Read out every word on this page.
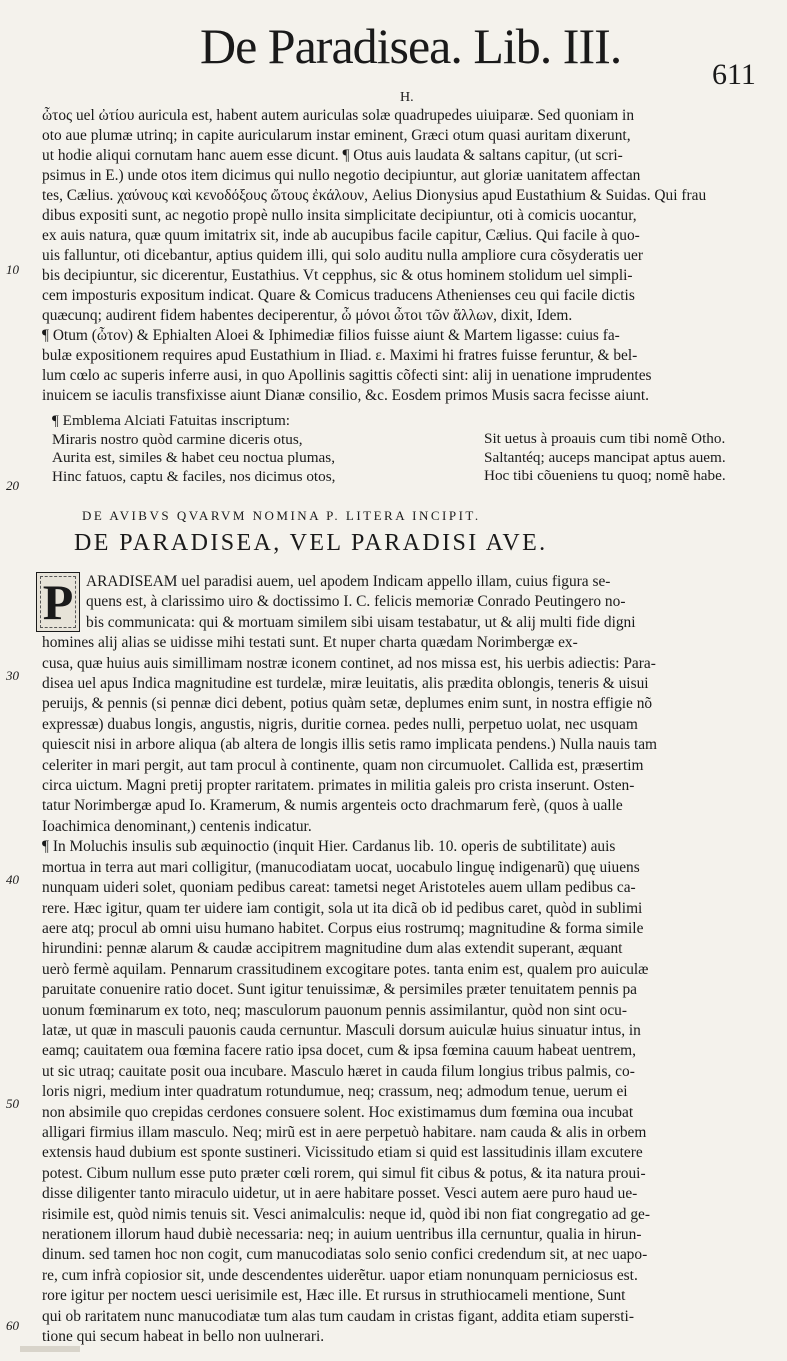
De Paradisea. Lib. III.
611
H.
ὦτος uel ὠτίου auricula est, habent autem auriculas solæ quadrupedes uiuiparæ. Sed quoniam in
oto aue plumæ utrinq; in capite auricularum instar eminent, Græci otum quasi auritam dixerunt,
ut hodie aliqui cornutam hanc auem esse dicunt. ¶ Otus auis laudata & saltans capitur, (ut scri-
psimus in E.) unde otos item dicimus qui nullo negotio decipiuntur, aut gloriæ uanitatem affectan
tes, Cælius. χαύνους καὶ κενοδόξους ὤτους ἐκάλουν, Aelius Dionysius apud Eustathium & Suidas. Qui frau
dibus expositi sunt, ac negotio propè nullo insita simplicitate decipiuntur, oti à comicis uocantur,
ex auis natura, quæ quum imitatrix sit, inde ab aucupibus facile capitur, Cælius. Qui facile à quo-
uis falluntur, oti dicebantur, aptius quidem illi, qui solo auditu nulla ampliore cura cõsyderatis uer
bis decipiuntur, sic dicerentur, Eustathius. Vt cepphus, sic & otus hominem stolidum uel simpli-
cem imposturis expositum indicat. Quare & Comicus traducens Athenienses ceu qui facile dictis
quæcunq; audirent fidem habentes deciperentur, ὦ μόνοι ὦτοι τῶν ἄλλων, dixit, Idem.
¶ Otum (ὦτον) & Ephialten Aloei & Iphimediæ filios fuisse aiunt & Martem ligasse: cuius fa-
bulæ expositionem requires apud Eustathium in Iliad. ε. Maximi hi fratres fuisse feruntur, & bel-
lum cœlo ac superis inferre ausi, in quo Apollinis sagittis cõfecti sint: alij in uenatione imprudentes
inuicem se iaculis transfixisse aiunt Dianæ consilio, &c. Eosdem primos Musis sacra fecisse aiunt.
¶ Emblema Alciati Fatuitas inscriptum:
Miraris nostro quòd carmine diceris otus,
Aurita est, similes & habet ceu noctua plumas,
Hinc fatuos, captu & faciles, nos dicimus otos,
Sit uetus à proauis cum tibi nomẽ Otho.
Saltantéq; auceps mancipat aptus auem.
Hoc tibi cõueniens tu quoq; nomẽ habe.
DE AVIBVS QVARVM NOMINA P. LITERA INCIPIT.
DE PARADISEA, VEL PARADISI AVE.
P ARADISEAM uel paradisi auem, uel apodem Indicam appello illam, cuius figura se-
quens est, à clarissimo uiro & doctissimo I. C. felicis memoriæ Conrado Peutingero no-
bis communicata: qui & mortuam similem sibi uisam testabatur, ut & alij multi fide digni
homines alij alias se uidisse mihi testati sunt. Et nuper charta quædam Norimbergæ ex-
cusa, quæ huius auis simillimam nostræ iconem continet, ad nos missa est, his uerbis adiectis: Para-
disea uel apus Indica magnitudine est turdelæ, miræ leuitatis, alis prædita oblongis, teneris & uisui
peruijs, & pennis (si pennæ dici debent, potius quàm setæ, deplumes enim sunt, in nostra effigie nõ
expressæ) duabus longis, angustis, nigris, duritie cornea. pedes nulli, perpetuo uolat, nec usquam
quiescit nisi in arbore aliqua (ab altera de longis illis setis ramo implicata pendens.) Nulla nauis tam
celeriter in mari pergit, aut tam procul à continente, quam non circumuolet. Callida est, præsertim
circa uictum. Magni pretij propter raritatem. primates in militia galeis pro crista inserunt. Osten-
tatur Norimbergæ apud Io. Kramerum, & numis argenteis octo drachmarum ferè, (quos à ualle
Ioachimica denominant,) centenis indicatur.
¶ In Moluchis insulis sub æquinoctio (inquit Hier. Cardanus lib. 10. operis de subtilitate) auis
mortua in terra aut mari colligitur, (manucodiatam uocat, uocabulo linguę indigenarũ) quę uiuens
nunquam uideri solet, quoniam pedibus careat: tametsi neget Aristoteles auem ullam pedibus ca-
rere. Hæc igitur, quam ter uidere iam contigit, sola ut ita dicã ob id pedibus caret, quòd in sublimi
aere atq; procul ab omni uisu humano habitet. Corpus eius rostrumq; magnitudine & forma simile
hirundini: pennæ alarum & caudæ accipitrem magnitudine dum alas extendit superant, æquant
uerò fermè aquilam. Pennarum crassitudinem excogitare potes. tanta enim est, qualem pro auiculæ
paruitate conuenire ratio docet. Sunt igitur tenuissimæ, & persimiles præter tenuitatem pennis pa
uonum fœminarum ex toto, neq; masculorum pauonum pennis assimilantur, quòd non sint ocu-
latæ, ut quæ in masculi pauonis cauda cernuntur. Masculi dorsum auiculæ huius sinuatur intus, in
eamq; cauitatem oua fœmina facere ratio ipsa docet, cum & ipsa fœmina cauum habeat uentrem,
ut sic utraq; cauitate posit oua incubare. Masculo hæret in cauda filum longius tribus palmis, co-
loris nigri, medium inter quadratum rotundumue, neq; crassum, neq; admodum tenue, uerum ei
non absimile quo crepidas cerdones consuere solent. Hoc existimamus dum fœmina oua incubat
alligari firmius illam masculo. Neq; mirũ est in aere perpetuò habitare. nam cauda & alis in orbem
extensis haud dubium est sponte sustineri. Vicissitudo etiam si quid est lassitudinis illam excutere
potest. Cibum nullum esse puto præter cœli rorem, qui simul fit cibus & potus, & ita natura proui-
disse diligenter tanto miraculo uidetur, ut in aere habitare posset. Vesci autem aere puro haud ue-
risimile est, quòd nimis tenuis sit. Vesci animalculis: neque id, quòd ibi non fiat congregatio ad ge-
nerationem illorum haud dubiè necessaria: neq; in auium uentribus illa cernuntur, qualia in hirun-
dinum. sed tamen hoc non cogit, cum manucodiatas solo senio confici credendum sit, at nec uapo-
re, cum infrà copiosior sit, unde descendentes uiderẽtur. uapor etiam nonunquam perniciosus est.
rore igitur per noctem uesci uerisimile est, Hæc ille. Et rursus in struthiocameli mentione, Sunt
qui ob raritatem nunc manucodiatæ tum alas tum caudam in cristas figant, addita etiam supersti-
tione qui secum habeat in bello non uulnerari.
10
20
30
40
50
60
